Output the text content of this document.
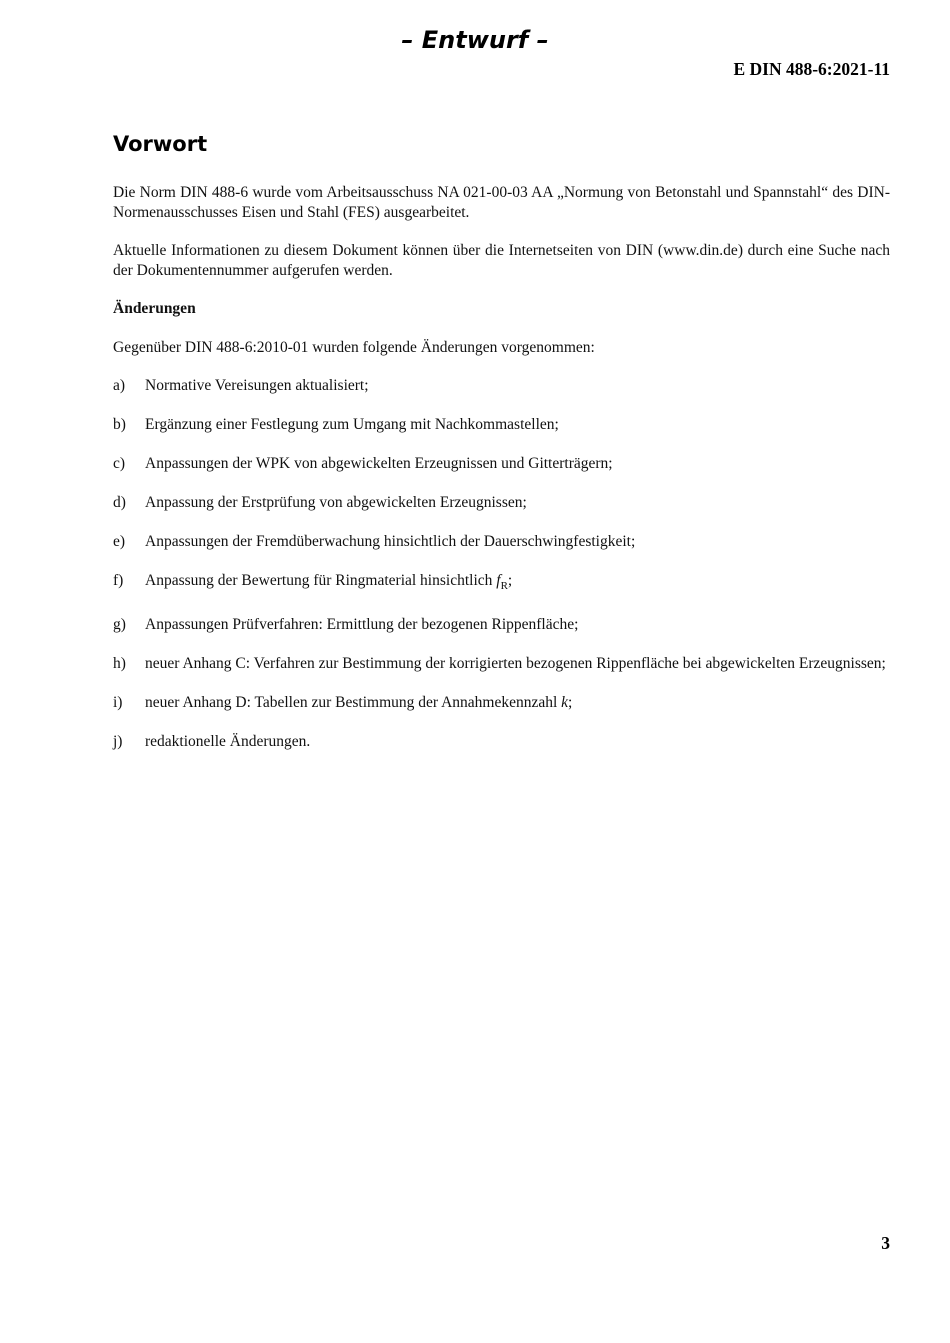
– Entwurf –
E DIN 488-6:2021-11
Vorwort

Die Norm DIN 488-6 wurde vom Arbeitsausschuss NA 021-00-03 AA „Normung von Betonstahl und Spannstahl“ des DIN-Normenausschusses Eisen und Stahl (FES) ausgearbeitet.

Aktuelle Informationen zu diesem Dokument können über die Internetseiten von DIN (www.din.de) durch eine Suche nach der Dokumentennummer aufgerufen werden.

Änderungen

Gegenüber DIN 488-6:2010-01 wurden folgende Änderungen vorgenommen:

a)	Normative Vereisungen aktualisiert;
b)	Ergänzung einer Festlegung zum Umgang mit Nachkommastellen;
c)	Anpassungen der WPK von abgewickelten Erzeugnissen und Gitterträgern;
d)	Anpassung der Erstprüfung von abgewickelten Erzeugnissen;
e)	Anpassungen der Fremdüberwachung hinsichtlich der Dauerschwingfestigkeit;
f)	Anpassung der Bewertung für Ringmaterial hinsichtlich $f_R$;
g)	Anpassungen Prüfverfahren: Ermittlung der bezogenen Rippenfläche;
h)	neuer Anhang C: Verfahren zur Bestimmung der korrigierten bezogenen Rippenfläche bei abgewickelten Erzeugnissen;
i)	neuer Anhang D: Tabellen zur Bestimmung der Annahmekennzahl k;
j)	redaktionelle Änderungen.
3
